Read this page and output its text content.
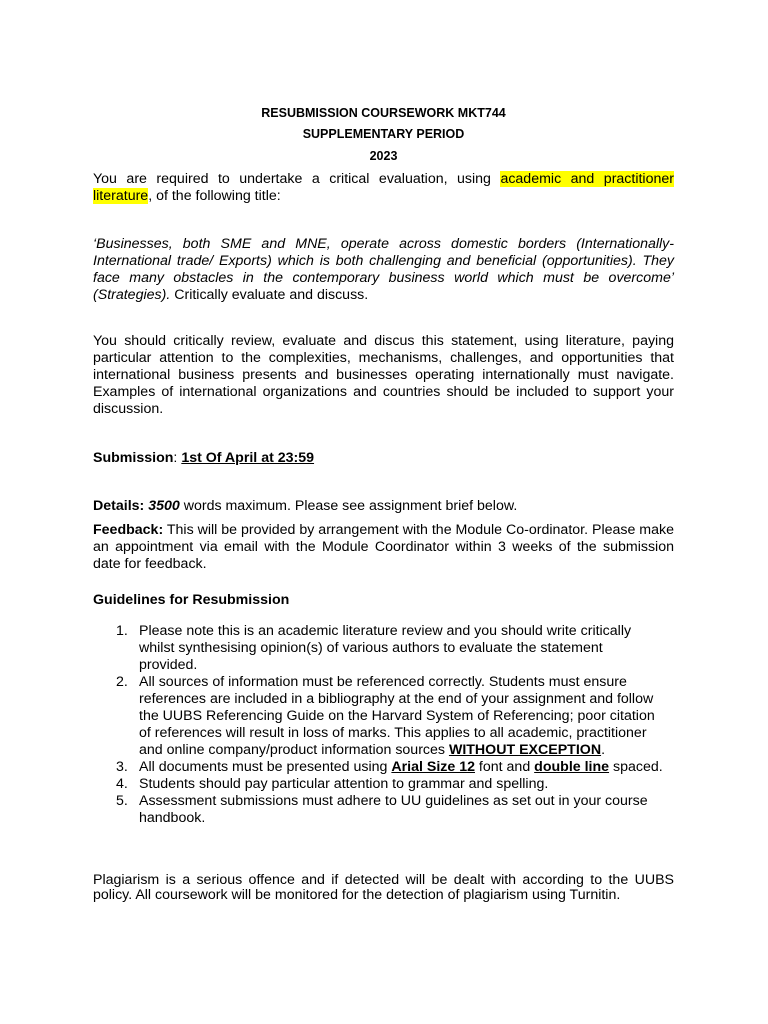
RESUBMISSION COURSEWORK MKT744
SUPPLEMENTARY PERIOD
2023

You are required to undertake a critical evaluation, using academic and practitioner literature, of the following title:

‘Businesses, both SME and MNE, operate across domestic borders (Internationally-International trade/ Exports) which is both challenging and beneficial (opportunities). They face many obstacles in the contemporary business world which must be overcome’ (Strategies). Critically evaluate and discuss.

You should critically review, evaluate and discus this statement, using literature, paying particular attention to the complexities, mechanisms, challenges, and opportunities that international business presents and businesses operating internationally must navigate. Examples of international organizations and countries should be included to support your discussion.

Submission: 1st Of April at 23:59

Details: 3500 words maximum. Please see assignment brief below.

Feedback: This will be provided by arrangement with the Module Co-ordinator. Please make an appointment via email with the Module Coordinator within 3 weeks of the submission date for feedback.

Guidelines for Resubmission

1. Please note this is an academic literature review and you should write critically whilst synthesising opinion(s) of various authors to evaluate the statement provided.
2. All sources of information must be referenced correctly. Students must ensure references are included in a bibliography at the end of your assignment and follow the UUBS Referencing Guide on the Harvard System of Referencing; poor citation of references will result in loss of marks. This applies to all academic, practitioner and online company/product information sources WITHOUT EXCEPTION.
3. All documents must be presented using Arial Size 12 font and double line spaced.
4. Students should pay particular attention to grammar and spelling.
5. Assessment submissions must adhere to UU guidelines as set out in your course handbook.

Plagiarism is a serious offence and if detected will be dealt with according to the UUBS policy. All coursework will be monitored for the detection of plagiarism using Turnitin.
